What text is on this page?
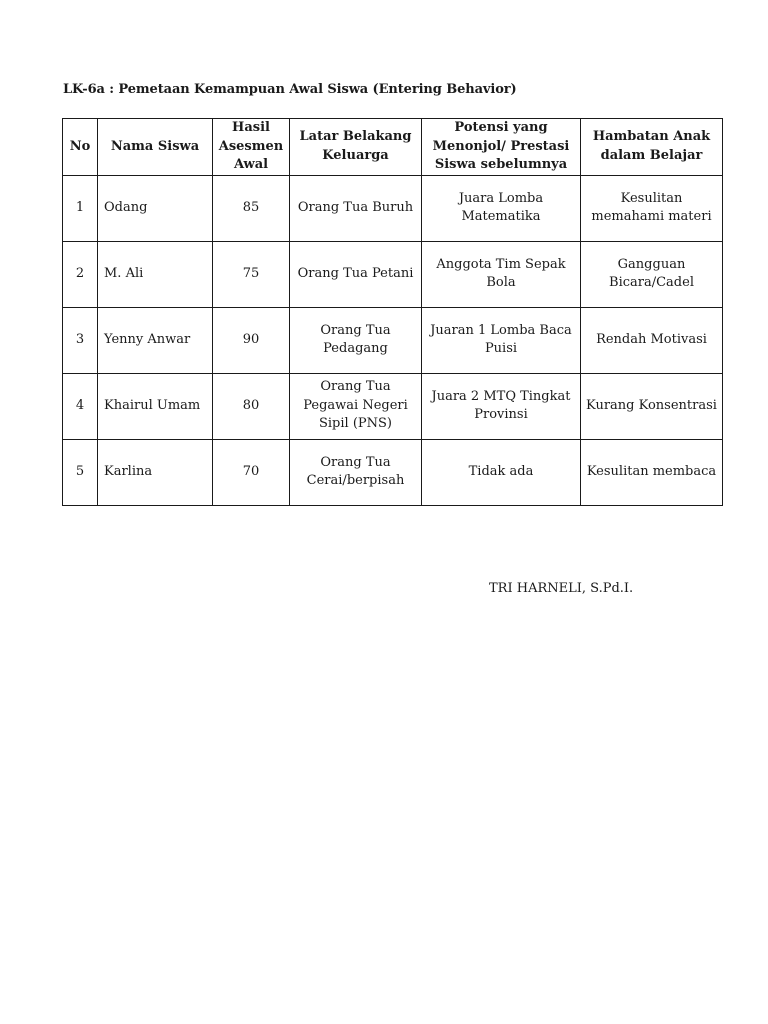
LK-6a : Pemetaan Kemampuan Awal Siswa (Entering Behavior)
No	Nama Siswa	Hasil Asesmen Awal	Latar Belakang Keluarga	Potensi yang Menonjol/ Prestasi Siswa sebelumnya	Hambatan Anak dalam Belajar
1	Odang	85	Orang Tua Buruh	Juara Lomba Matematika	Kesulitan memahami materi
2	M. Ali	75	Orang Tua Petani	Anggota Tim Sepak Bola	Gangguan Bicara/Cadel
3	Yenny Anwar	90	Orang Tua Pedagang	Juaran 1 Lomba Baca Puisi	Rendah Motivasi
4	Khairul Umam	80	Orang Tua Pegawai Negeri Sipil (PNS)	Juara 2 MTQ Tingkat Provinsi	Kurang Konsentrasi
5	Karlina	70	Orang Tua Cerai/berpisah	Tidak ada	Kesulitan membaca
TRI HARNELI, S.Pd.I.
